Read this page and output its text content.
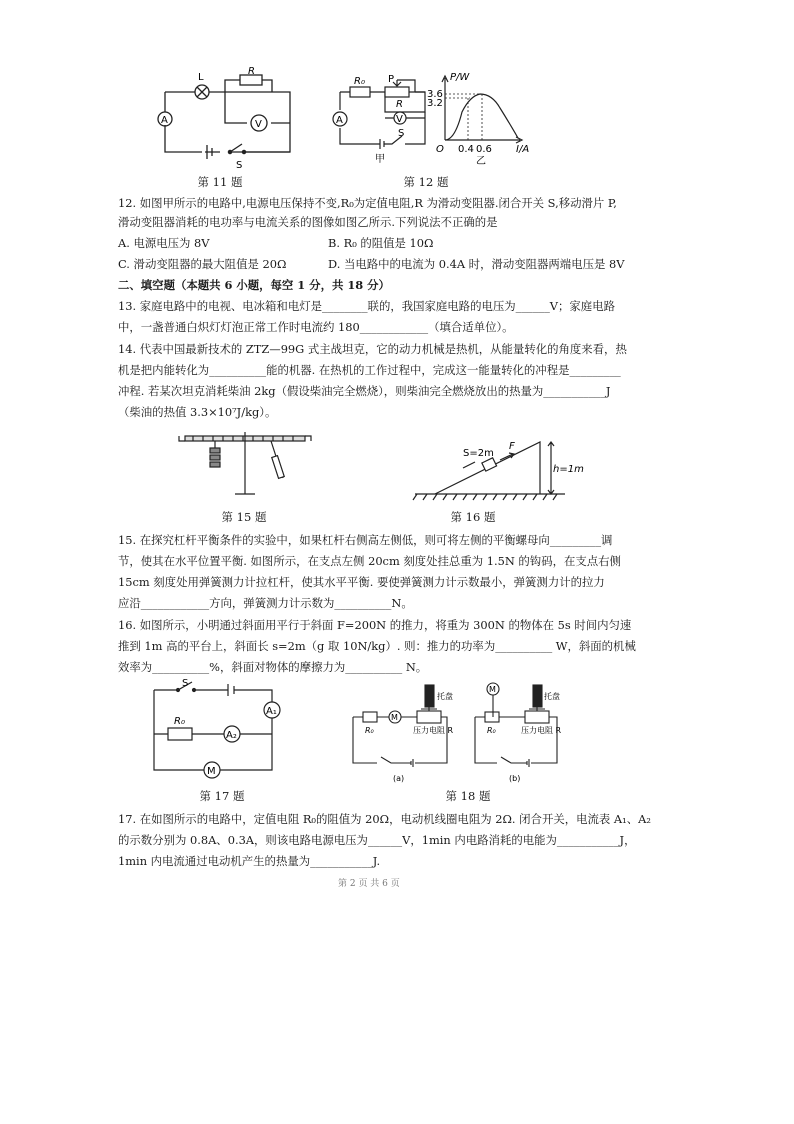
L
R
A	V
S
第 11 题
R₀ P
R
A	V
S
甲
P/W
3.6
3.2
O 0.4 0.6 I/A
乙
第 12 题
12. 如图甲所示的电路中,电源电压保持不变,R₀为定值电阻,R 为滑动变阻器.闭合开关 S,移动滑片 P,
滑动变阻器消耗的电功率与电流关系的图像如图乙所示.下列说法不正确的是
A. 电源电压为 8V	B. R₀ 的阻值是 10Ω
C. 滑动变阻器的最大阻值是 20Ω	D. 当电路中的电流为 0.4A 时，滑动变阻器两端电压是 8V
二、填空题（本题共 6 小题，每空 1 分，共 18 分）
13. 家庭电路中的电视、电冰箱和电灯是________联的，我国家庭电路的电压为______V；家庭电路
中，一盏普通白炽灯灯泡正常工作时电流约 180____________（填合适单位）。
14. 代表中国最新技术的 ZTZ—99G 式主战坦克，它的动力机械是热机，从能量转化的角度来看，热
机是把内能转化为__________能的机器. 在热机的工作过程中，完成这一能量转化的冲程是_________
冲程. 若某次坦克消耗柴油 2kg（假设柴油完全燃烧），则柴油完全燃烧放出的热量为___________J
（柴油的热值 3.3×10⁷J/kg）。
第 15 题
S=2m
F
h=1m
第 16 题
15. 在探究杠杆平衡条件的实验中，如果杠杆右侧高左侧低，则可将左侧的平衡螺母向_________调
节，使其在水平位置平衡. 如图所示，在支点左侧 20cm 刻度处挂总重为 1.5N 的钩码，在支点右侧
15cm 刻度处用弹簧测力计拉杠杆，使其水平平衡. 要使弹簧测力计示数最小，弹簧测力计的拉力
应沿____________方向，弹簧测力计示数为__________N。
16. 如图所示，小明通过斜面用平行于斜面 F=200N 的推力，将重为 300N 的物体在 5s 时间内匀速
推到 1m 高的平台上，斜面长 s=2m（g 取 10N/kg）. 则：推力的功率为__________ W，斜面的机械
效率为__________%，斜面对物体的摩擦力为__________ N。
S
R₀
A₁
A₂
M
第 17 题
托盘
R₀
M
压力电阻 R
(a)
托盘
R₀
M
压力电阻 R
(b)
第 18 题
17. 在如图所示的电路中，定值电阻 R₀的阻值为 20Ω，电动机线圈电阻为 2Ω. 闭合开关，电流表 A₁、A₂
的示数分别为 0.8A、0.3A，则该电路电源电压为______V，1min 内电路消耗的电能为___________J，
1min 内电流通过电动机产生的热量为___________J.
第 2 页 共 6 页
